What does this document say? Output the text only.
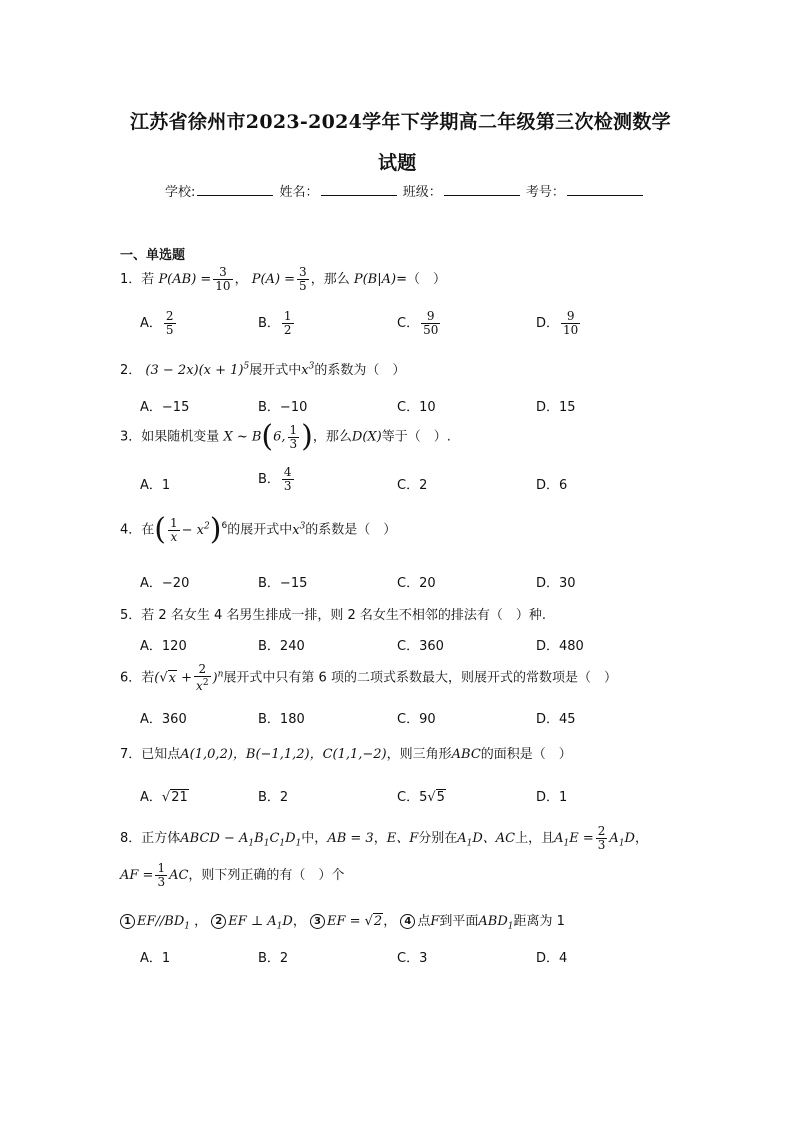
江苏省徐州市2023-2024学年下学期高二年级第三次检测数学
试题
学校:	姓名：	班级：	考号：
一、单选题
1．若 $P(AB) = \frac{3}{10}$ ， $P(A) = \frac{3}{5}$ ，那么 P(B|A)=（　）
A． $\frac{2}{5}$	B． $\frac{1}{2}$	C． $\frac{9}{50}$	D． $\frac{9}{10}$
2． $(3 - 2x)(x + 1)^5$展开式中$x^3$的系数为（　）
A．−15	B．−10	C．10	D．15
3．如果随机变量 X ~ B(6, $\frac{1}{3}$ )，那么D(X)等于（　）.
A．1	B． $\frac{4}{3}$	C．2	D．6
4．在( $\frac{1}{x} - x^2)^6$的展开式中$x^3$的系数是（　）
A．−20	B．−15	C．20	D．30
5．若 2 名女生 4 名男生排成一排，则 2 名女生不相邻的排法有（　）种.
A．120	B．240	C．360	D．480
6．若$(√x + \frac{2}{x^2} )^n$展开式中只有第 6 项的二项式系数最大，则展开式的常数项是（　）
A．360	B．180	C．90	D．45
7．已知点A(1,0,2)，B(−1,1,2)，C(1,1,−2)，则三角形ABC的面积是（　）
A．√21	B．2	C．5√5	D．1
8．正方体ABCD − $A_1B_1C_1D_1$中，AB = 3，E、F分别在$A_1D$、AC上，且$A_1E = \frac{2}{3} A_1D$，
AF = $\frac{1}{3}$ AC，则下列正确的有（　）个
1 $EF//BD_1$ ， 2 EF ⊥ $A_1D$， 3 EF = √2， 4 点F到平面$ABD_1$距离为 1
A．1	B．2	C．3	D．4
